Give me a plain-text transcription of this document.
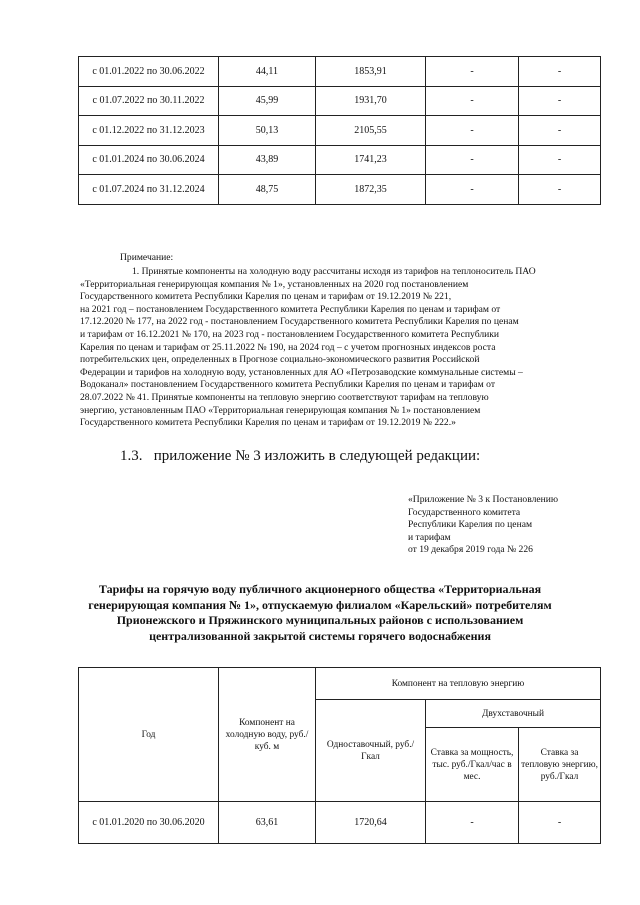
с 01.01.2022 по 30.06.2022	44,11	1853,91	-	-
с 01.07.2022 по 30.11.2022	45,99	1931,70	-	-
с 01.12.2022 по 31.12.2023	50,13	2105,55	-	-
с 01.01.2024 по 30.06.2024	43,89	1741,23	-	-
с 01.07.2024 по 31.12.2024	48,75	1872,35	-	-
Примечание:
1. Принятые компоненты на холодную воду рассчитаны исходя из тарифов на теплоноситель ПАО
«Территориальная генерирующая компания № 1», установленных на 2020 год постановлением
Государственного комитета Республики Карелия по ценам и тарифам от 19.12.2019 № 221,
на 2021 год – постановлением Государственного комитета Республики Карелия по ценам и тарифам от
17.12.2020 № 177, на 2022 год - постановлением Государственного комитета Республики Карелия по ценам
и тарифам от 16.12.2021 № 170, на 2023 год - постановлением Государственного комитета Республики
Карелия по ценам и тарифам от 25.11.2022 № 190, на 2024 год – с учетом прогнозных индексов роста
потребительских цен, определенных в Прогнозе социально-экономического развития Российской
Федерации и тарифов на холодную воду, установленных для АО «Петрозаводские коммунальные системы –
Водоканал» постановлением Государственного комитета Республики Карелия по ценам и тарифам от
28.07.2022 № 41. Принятые компоненты на тепловую энергию соответствуют тарифам на тепловую
энергию, установленным ПАО «Территориальная генерирующая компания № 1» постановлением
Государственного комитета Республики Карелия по ценам и тарифам от 19.12.2019 № 222.»
1.3.   приложение № 3 изложить в следующей редакции:
«Приложение № 3 к Постановлению
Государственного комитета
Республики Карелия по ценам
и тарифам
от 19 декабря 2019 года № 226
Тарифы на горячую воду публичного акционерного общества «Территориальная
генерирующая компания № 1», отпускаемую филиалом «Карельский» потребителям
Прионежского и Пряжинского муниципальных районов с использованием
централизованной закрытой системы горячего водоснабжения
Год	Компонент на холодную воду, руб./куб. м	Компонент на тепловую энергию		
		Одноставочный, руб./Гкал	Двухставочный	
			Ставка за мощность, тыс. руб./Гкал/час в мес.	Ставка за тепловую энергию, руб./Гкал
с 01.01.2020 по 30.06.2020	63,61	1720,64	-	-
